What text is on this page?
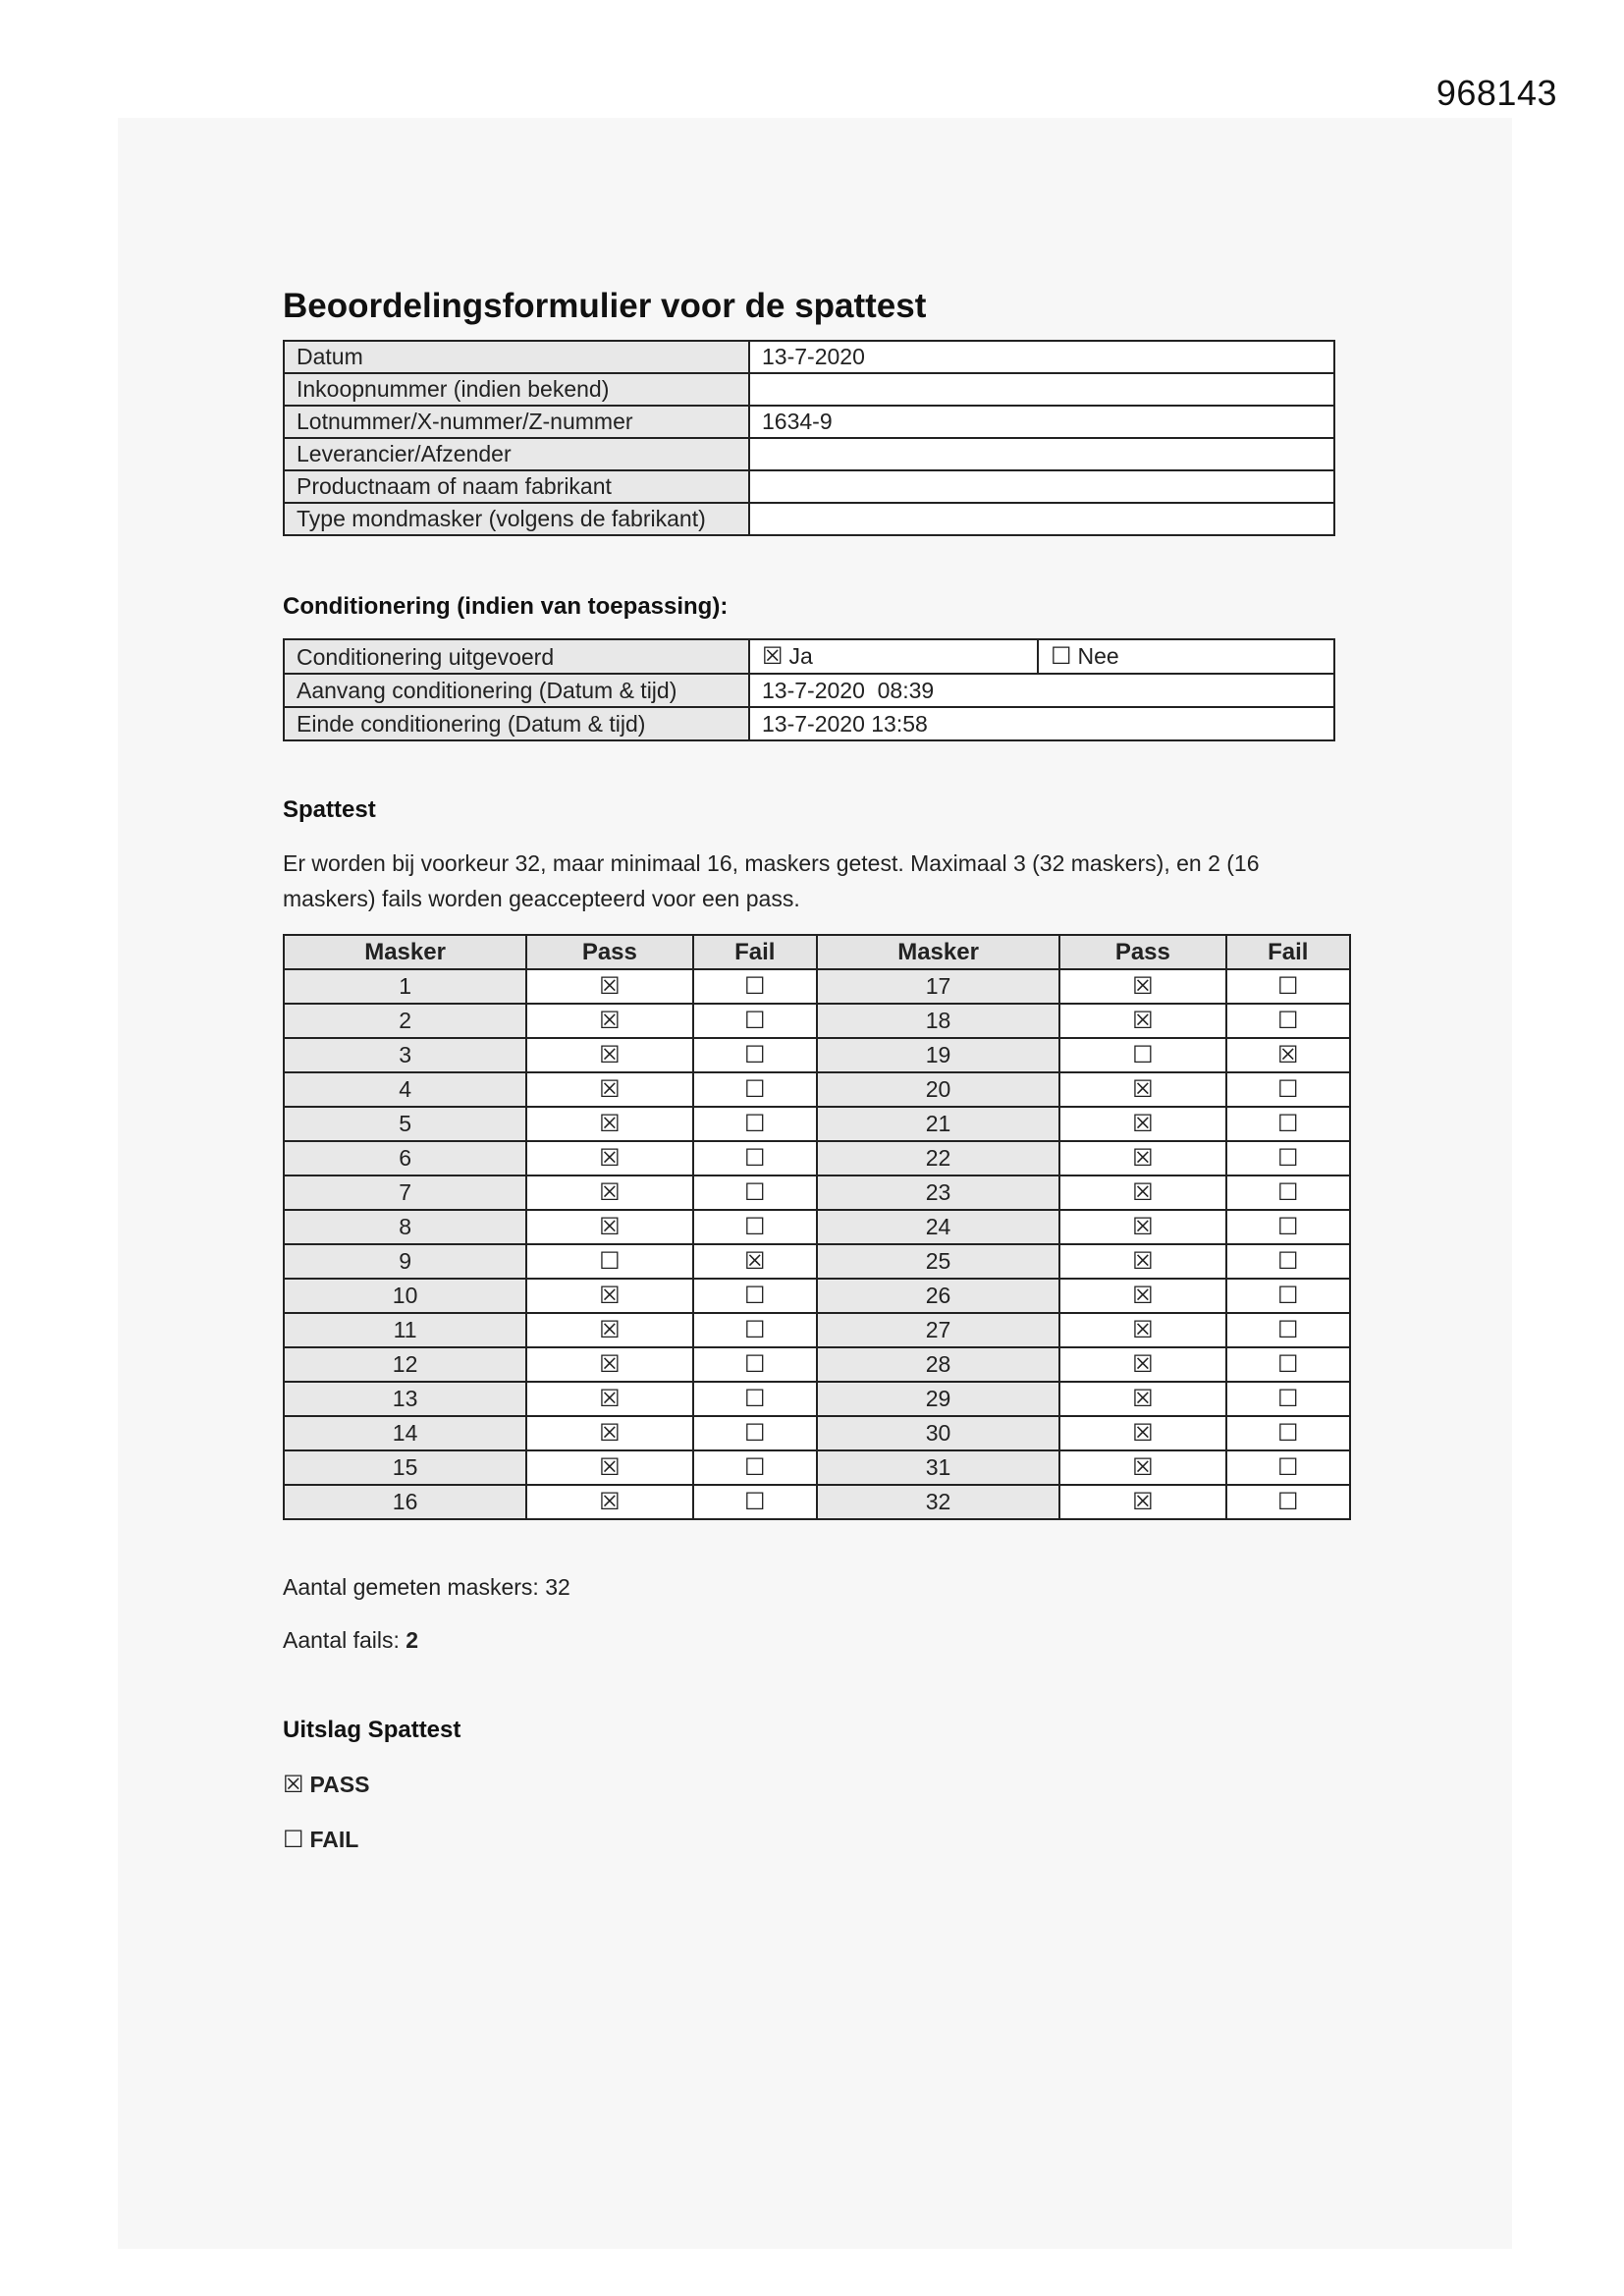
968143
Beoordelingsformulier voor de spattest
Datum	13-7-2020
Inkoopnummer (indien bekend)	
Lotnummer/X-nummer/Z-nummer	1634-9
Leverancier/Afzender	
Productnaam of naam fabrikant	
Type mondmasker (volgens de fabrikant)	
Conditionering (indien van toepassing):
Conditionering uitgevoerd	☒ Ja	☐ Nee
Aanvang conditionering (Datum & tijd)	13-7-2020  08:39	
Einde conditionering (Datum & tijd)	13-7-2020 13:58	
Spattest

Er worden bij voorkeur 32, maar minimaal 16, maskers getest. Maximaal 3 (32 maskers), en 2 (16 maskers) fails worden geaccepteerd voor een pass.

Masker	Pass	Fail	Masker	Pass	Fail
1	☒	☐	17	☒	☐
2	☒	☐	18	☒	☐
3	☒	☐	19	☐	☒
4	☒	☐	20	☒	☐
5	☒	☐	21	☒	☐
6	☒	☐	22	☒	☐
7	☒	☐	23	☒	☐
8	☒	☐	24	☒	☐
9	☐	☒	25	☒	☐
10	☒	☐	26	☒	☐
11	☒	☐	27	☒	☐
12	☒	☐	28	☒	☐
13	☒	☐	29	☒	☐
14	☒	☐	30	☒	☐
15	☒	☐	31	☒	☐
16	☒	☐	32	☒	☐

Aantal gemeten maskers: 32

Aantal fails: 2

Uitslag Spattest
☒ PASS
☐ FAIL
